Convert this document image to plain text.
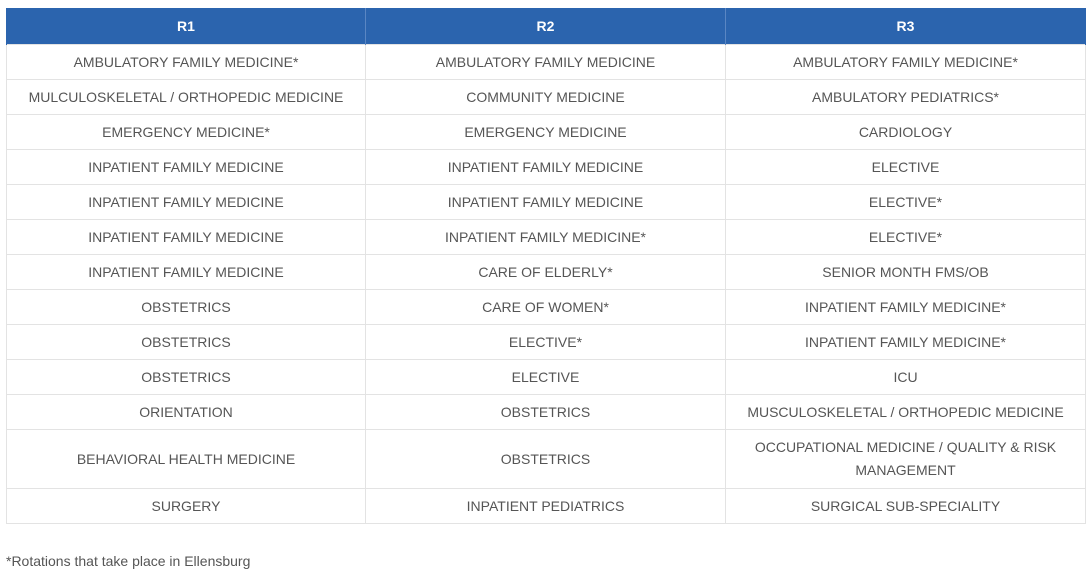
R1	R2	R3
AMBULATORY FAMILY MEDICINE*	AMBULATORY FAMILY MEDICINE	AMBULATORY FAMILY MEDICINE*
MULCULOSKELETAL / ORTHOPEDIC MEDICINE	COMMUNITY MEDICINE	AMBULATORY PEDIATRICS*
EMERGENCY MEDICINE*	EMERGENCY MEDICINE	CARDIOLOGY
INPATIENT FAMILY MEDICINE	INPATIENT FAMILY MEDICINE	ELECTIVE
INPATIENT FAMILY MEDICINE	INPATIENT FAMILY MEDICINE	ELECTIVE*
INPATIENT FAMILY MEDICINE	INPATIENT FAMILY MEDICINE*	ELECTIVE*
INPATIENT FAMILY MEDICINE	CARE OF ELDERLY*	SENIOR MONTH FMS/OB
OBSTETRICS	CARE OF WOMEN*	INPATIENT FAMILY MEDICINE*
OBSTETRICS	ELECTIVE*	INPATIENT FAMILY MEDICINE*
OBSTETRICS	ELECTIVE	ICU
ORIENTATION	OBSTETRICS	MUSCULOSKELETAL / ORTHOPEDIC MEDICINE
BEHAVIORAL HEALTH MEDICINE	OBSTETRICS	OCCUPATIONAL MEDICINE / QUALITY & RISK MANAGEMENT
SURGERY	INPATIENT PEDIATRICS	SURGICAL SUB-SPECIALITY
*Rotations that take place in Ellensburg
